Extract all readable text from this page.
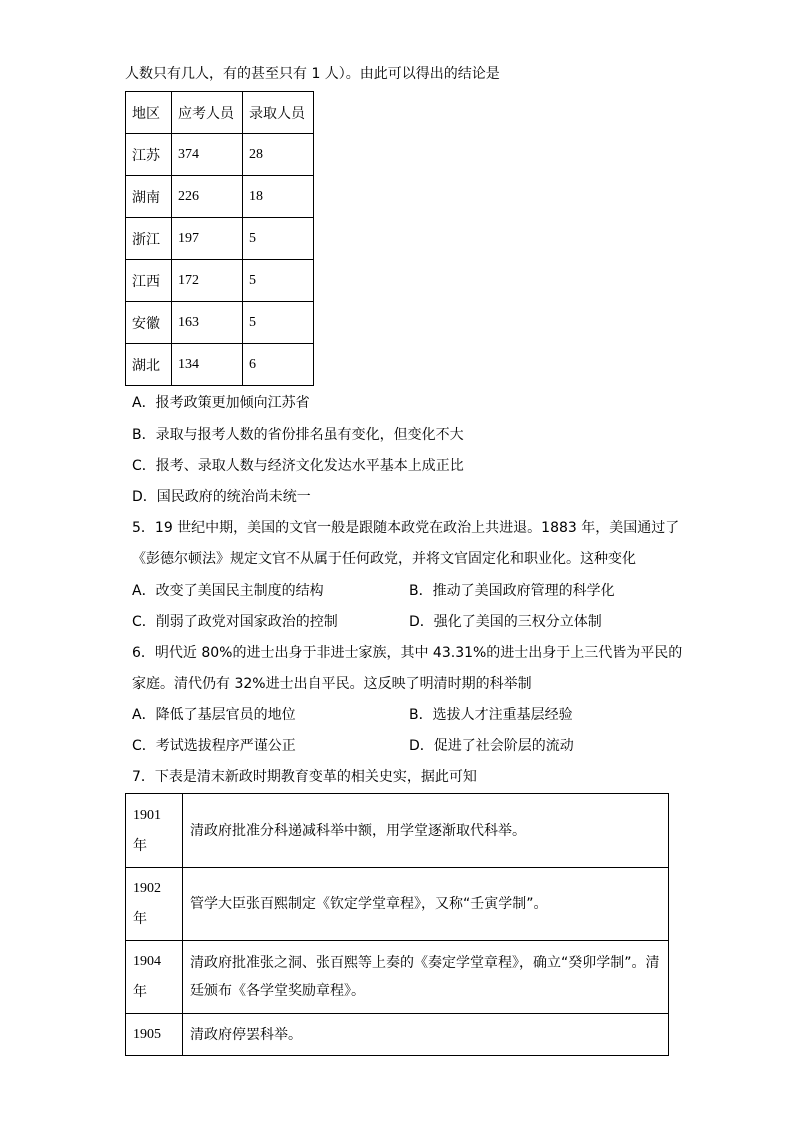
人数只有几人，有的甚至只有 1 人）。由此可以得出的结论是
地区	应考人员	录取人员
江苏	374	28
湖南	226	18
浙江	197	5
江西	172	5
安徽	163	5
湖北	134	6
A．报考政策更加倾向江苏省
B．录取与报考人数的省份排名虽有变化，但变化不大
C．报考、录取人数与经济文化发达水平基本上成正比
D．国民政府的统治尚未统一
5．19 世纪中期，美国的文官一般是跟随本政党在政治上共进退。1883 年，美国通过了
《彭德尔顿法》规定文官不从属于任何政党，并将文官固定化和职业化。这种变化
A．改变了美国民主制度的结构	B．推动了美国政府管理的科学化
C．削弱了政党对国家政治的控制	D．强化了美国的三权分立体制
6．明代近 80%的进士出身于非进士家族，其中 43.31%的进士出身于上三代皆为平民的
家庭。清代仍有 32%进士出自平民。这反映了明清时期的科举制
A．降低了基层官员的地位	B．选拔人才注重基层经验
C．考试选拔程序严谨公正	D．促进了社会阶层的流动
7．下表是清末新政时期教育变革的相关史实，据此可知
1901
年	清政府批准分科递减科举中额，用学堂逐渐取代科举。

1902
年	管学大臣张百熙制定《钦定学堂章程》，又称“壬寅学制”。

1904
年	清政府批准张之洞、张百熙等上奏的《奏定学堂章程》，确立“癸卯学制”。清
廷颁布《各学堂奖励章程》。

1905	清政府停罢科举。
